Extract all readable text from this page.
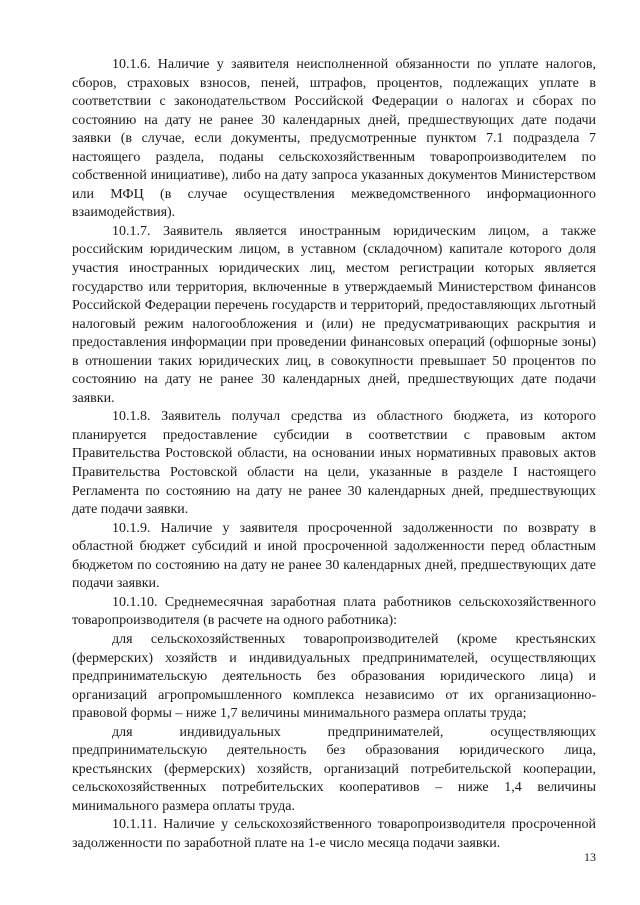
10.1.6. Наличие у заявителя неисполненной обязанности по уплате налогов, сборов, страховых взносов, пеней, штрафов, процентов, подлежащих уплате в соответствии с законодательством Российской Федерации о налогах и сборах по состоянию на дату не ранее 30 календарных дней, предшествующих дате подачи заявки (в случае, если документы, предусмотренные пунктом 7.1 подраздела 7 настоящего раздела, поданы сельскохозяйственным товаропроизводителем по собственной инициативе), либо на дату запроса указанных документов Министерством или МФЦ (в случае осуществления межведомственного информационного взаимодействия).

10.1.7. Заявитель является иностранным юридическим лицом, а также российским юридическим лицом, в уставном (складочном) капитале которого доля участия иностранных юридических лиц, местом регистрации которых является государство или территория, включенные в утверждаемый Министерством финансов Российской Федерации перечень государств и территорий, предоставляющих льготный налоговый режим налогообложения и (или) не предусматривающих раскрытия и предоставления информации при проведении финансовых операций (офшорные зоны) в отношении таких юридических лиц, в совокупности превышает 50 процентов по состоянию на дату не ранее 30 календарных дней, предшествующих дате подачи заявки.

10.1.8. Заявитель получал средства из областного бюджета, из которого планируется предоставление субсидии в соответствии с правовым актом Правительства Ростовской области, на основании иных нормативных правовых актов Правительства Ростовской области на цели, указанные в разделе I настоящего Регламента по состоянию на дату не ранее 30 календарных дней, предшествующих дате подачи заявки.

10.1.9. Наличие у заявителя просроченной задолженности по возврату в областной бюджет субсидий и иной просроченной задолженности перед областным бюджетом по состоянию на дату не ранее 30 календарных дней, предшествующих дате подачи заявки.

10.1.10. Среднемесячная заработная плата работников сельскохозяйственного товаропроизводителя (в расчете на одного работника):

для сельскохозяйственных товаропроизводителей (кроме крестьянских (фермерских) хозяйств и индивидуальных предпринимателей, осуществляющих предпринимательскую деятельность без образования юридического лица) и организаций агропромышленного комплекса независимо от их организационно-правовой формы – ниже 1,7 величины минимального размера оплаты труда;

для индивидуальных предпринимателей, осуществляющих предпринимательскую деятельность без образования юридического лица, крестьянских (фермерских) хозяйств, организаций потребительской кооперации, сельскохозяйственных потребительских кооперативов – ниже 1,4 величины минимального размера оплаты труда.

10.1.11. Наличие у сельскохозяйственного товаропроизводителя просроченной задолженности по заработной плате на 1-е число месяца подачи заявки.

13
